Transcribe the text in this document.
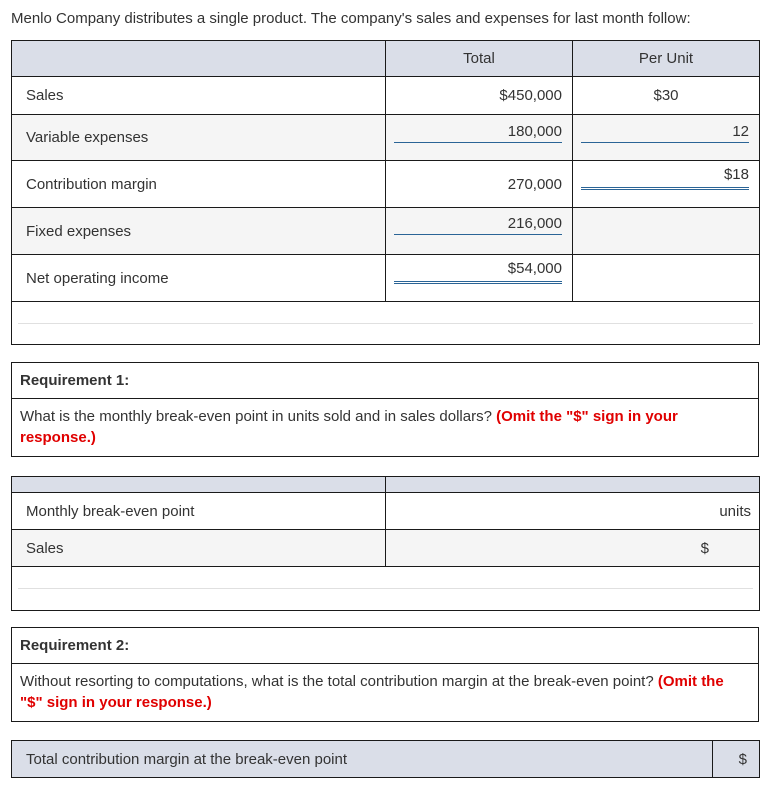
Menlo Company distributes a single product. The company's sales and expenses for last month follow:
	Total	Per Unit
Sales	$450,000	$30
Variable expenses	180,000	12

Contribution margin	270,000	$18

Fixed expenses	216,000	

Net operating income	$54,000	

Requirement 1:
What is the monthly break-even point in units sold and in sales dollars? (Omit the "$" sign in your response.)

Monthly break-even point	units

Sales	$

Requirement 2:
Without resorting to computations, what is the total contribution margin at the break-even point? (Omit the "$" sign in your response.)
Total contribution margin at the break-even point	$
